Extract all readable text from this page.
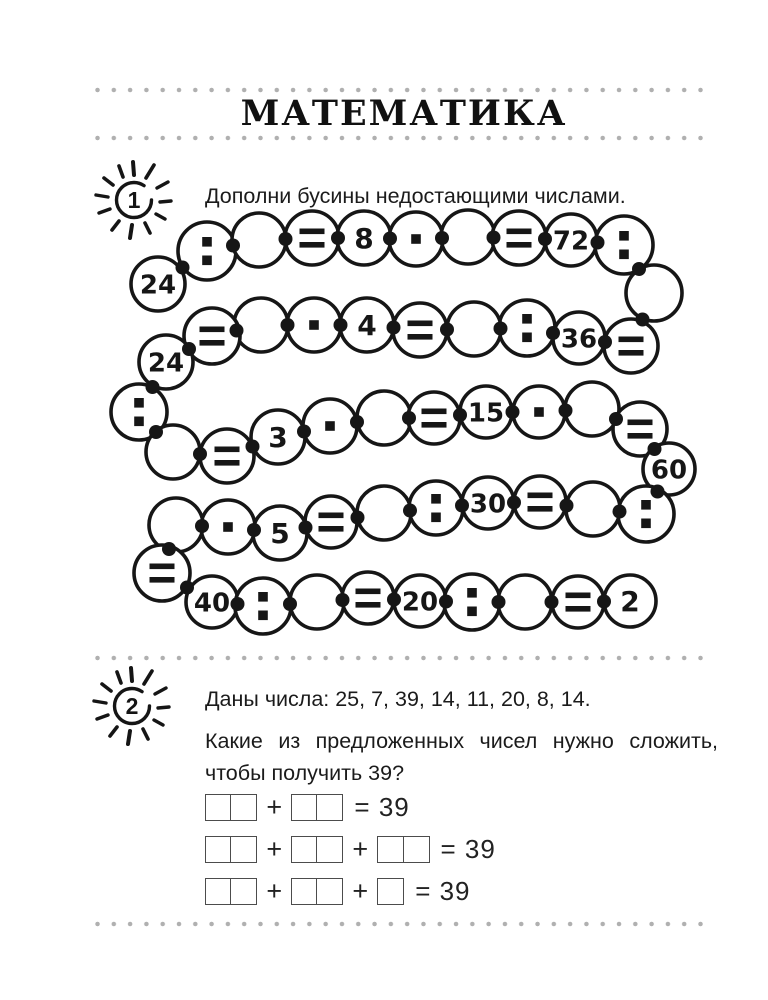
МАТЕМАТИКА
1	Дополни бусины недостающими числами.
24
8	72
36
4
24
3
15
60
30
5
40	20	2
2	Даны числа: 25, 7, 39, 14, 11, 20, 8, 14.
Какие из предложенных чисел нужно сложить,
чтобы получить 39?
+	= 39
+	+	= 39
+	+ = 39
